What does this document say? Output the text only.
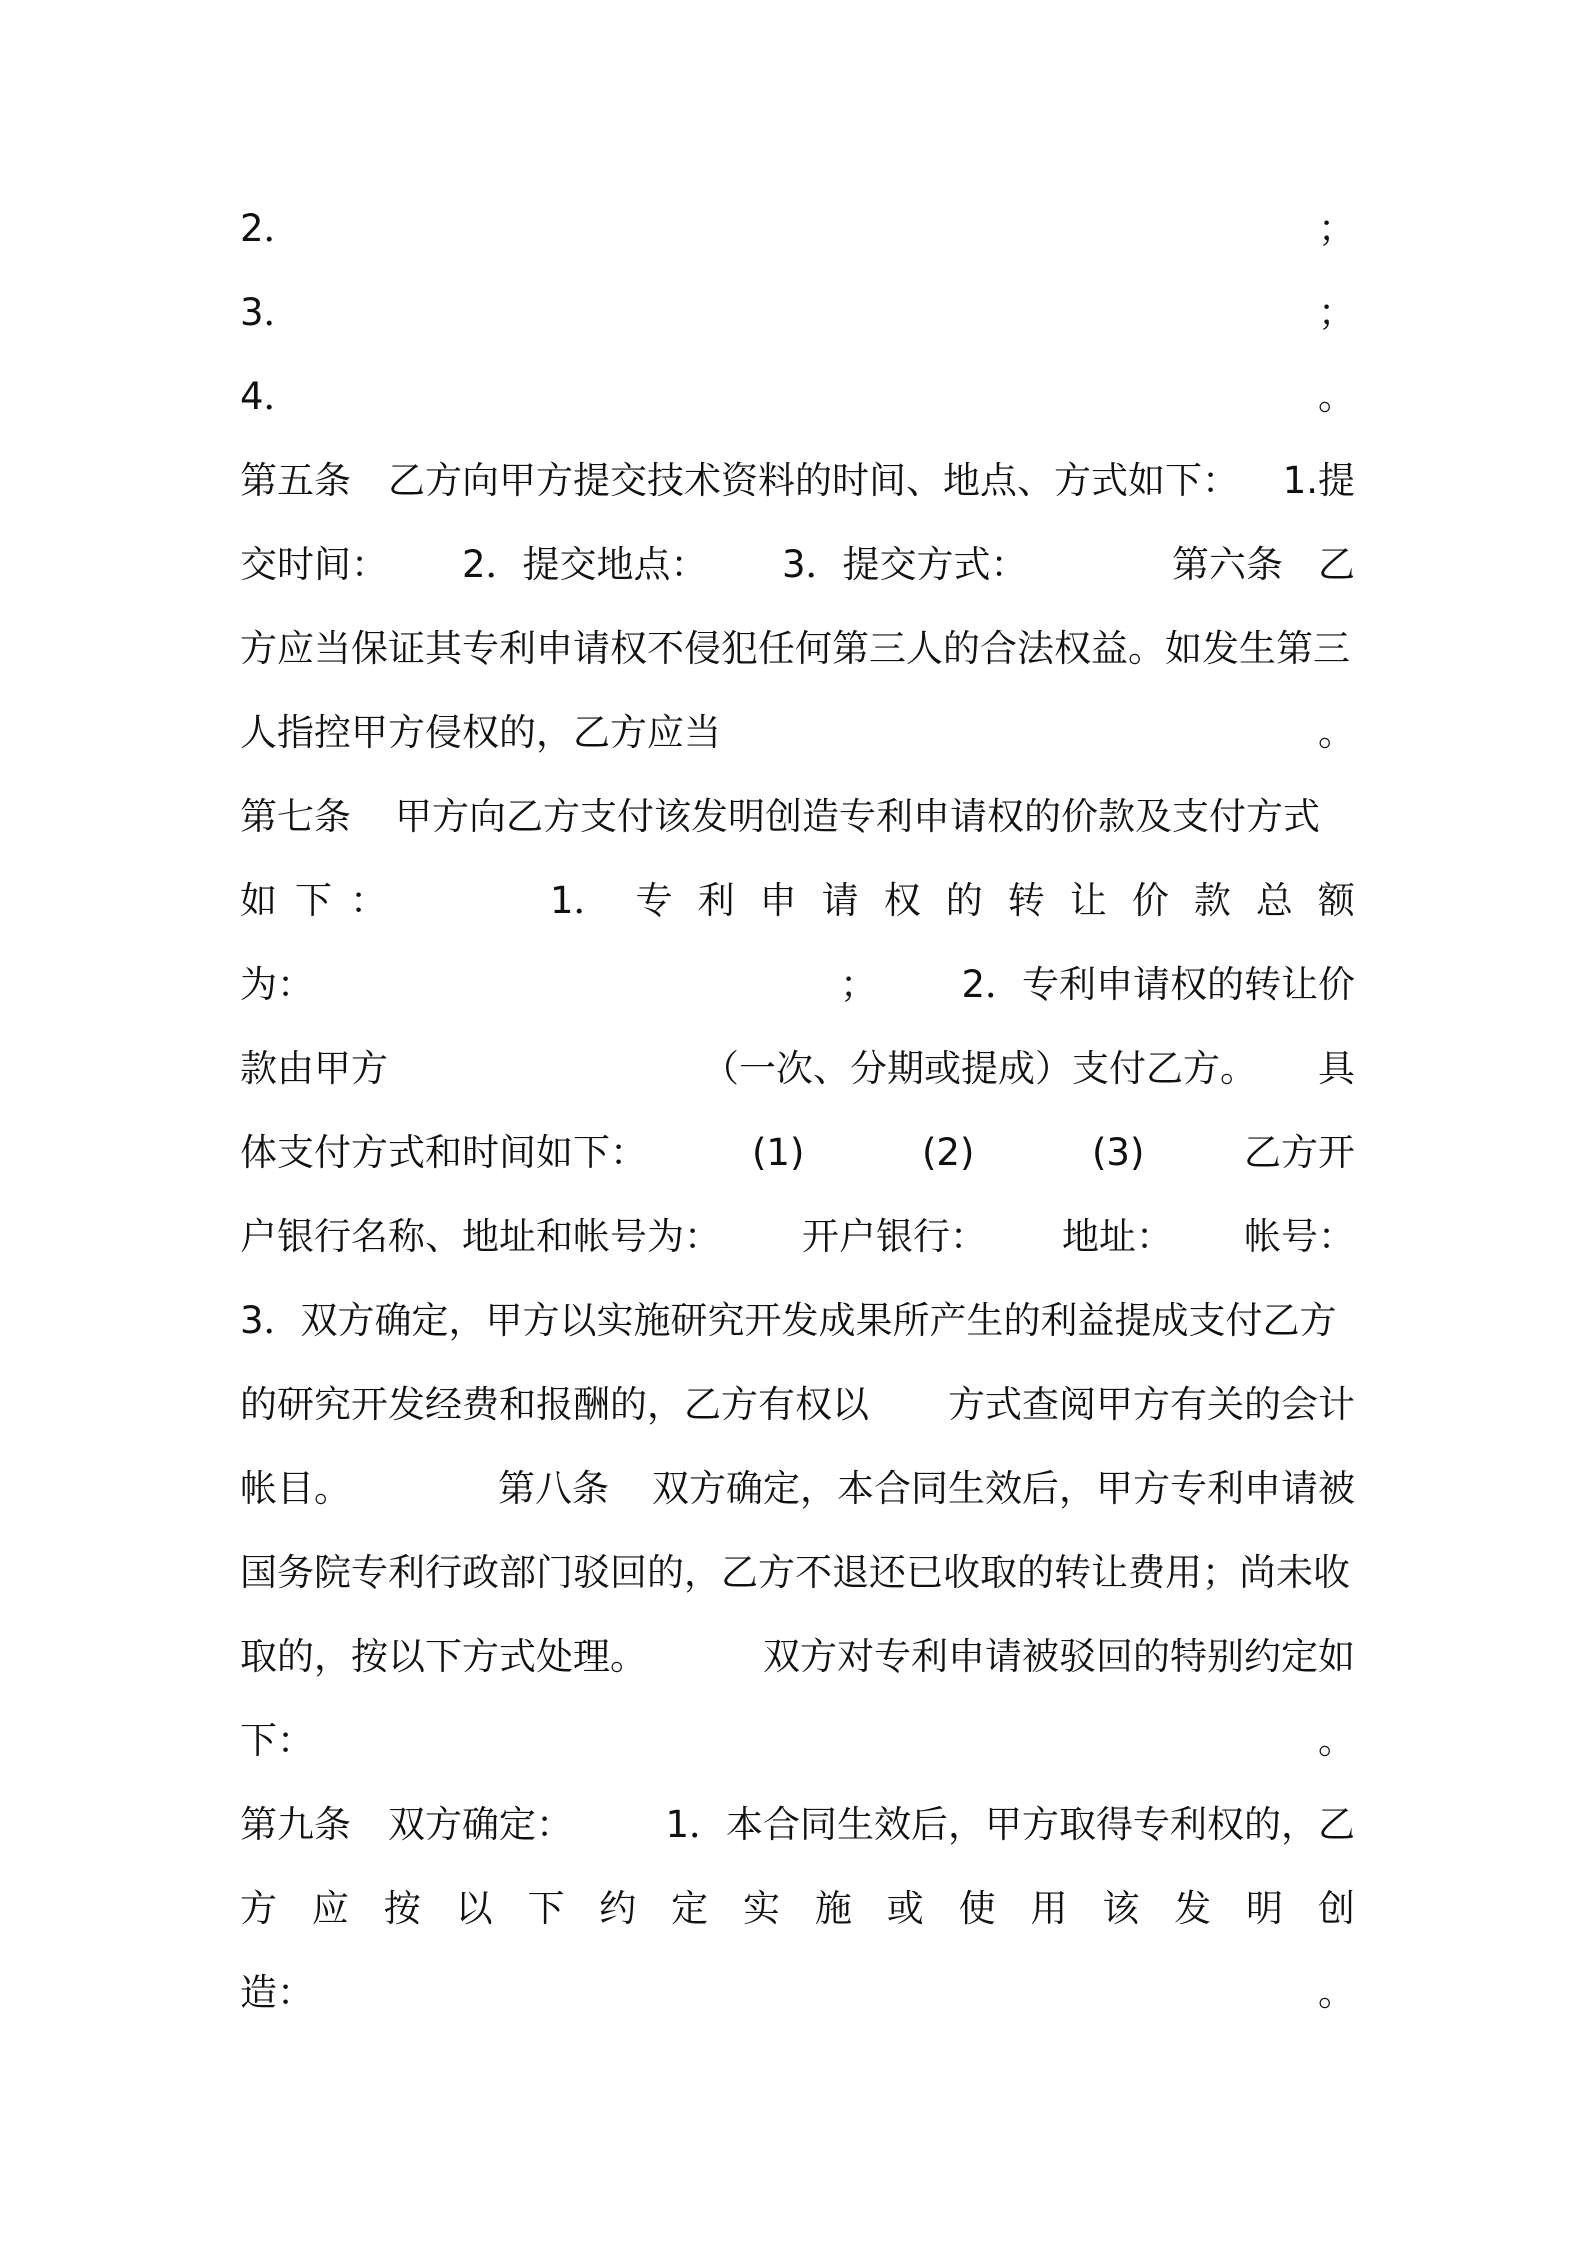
2．	；
3．	；
4．	。
第五条 乙方向甲方提交技术资料的时间、地点、方式如下： 1.提
交时间： 2．提交地点： 3．提交方式：	第六条 乙
方应当保证其专利申请权不侵犯任何第三人的合法权益。如发生第三
人指控甲方侵权的，乙方应当	。
第七条 甲方向乙方支付该发明创造专利申请权的价款及支付方式
如下：	1． 专 利 申 请 权 的 转 让 价 款 总 额
为：	； 2．专利申请权的转让价
款由甲方	（一次、分期或提成）支付乙方。 具
体支付方式和时间如下：	(1)	(2)	(3)	乙方开
户银行名称、地址和帐号为： 开户银行： 地址： 帐号：
3．双方确定，甲方以实施研究开发成果所产生的利益提成支付乙方
的研究开发经费和报酬的，乙方有权以 方式查阅甲方有关的会计
帐目。	第八条 双方确定，本合同生效后，甲方专利申请被
国务院专利行政部门驳回的，乙方不退还已收取的转让费用；尚未收
取的，按以下方式处理。	双方对专利申请被驳回的特别约定如
下：	。
第九条 双方确定： 1．本合同生效后，甲方取得专利权的，乙
方 应 按 以 下 约 定 实 施 或 使 用 该 发 明 创
造：	。
